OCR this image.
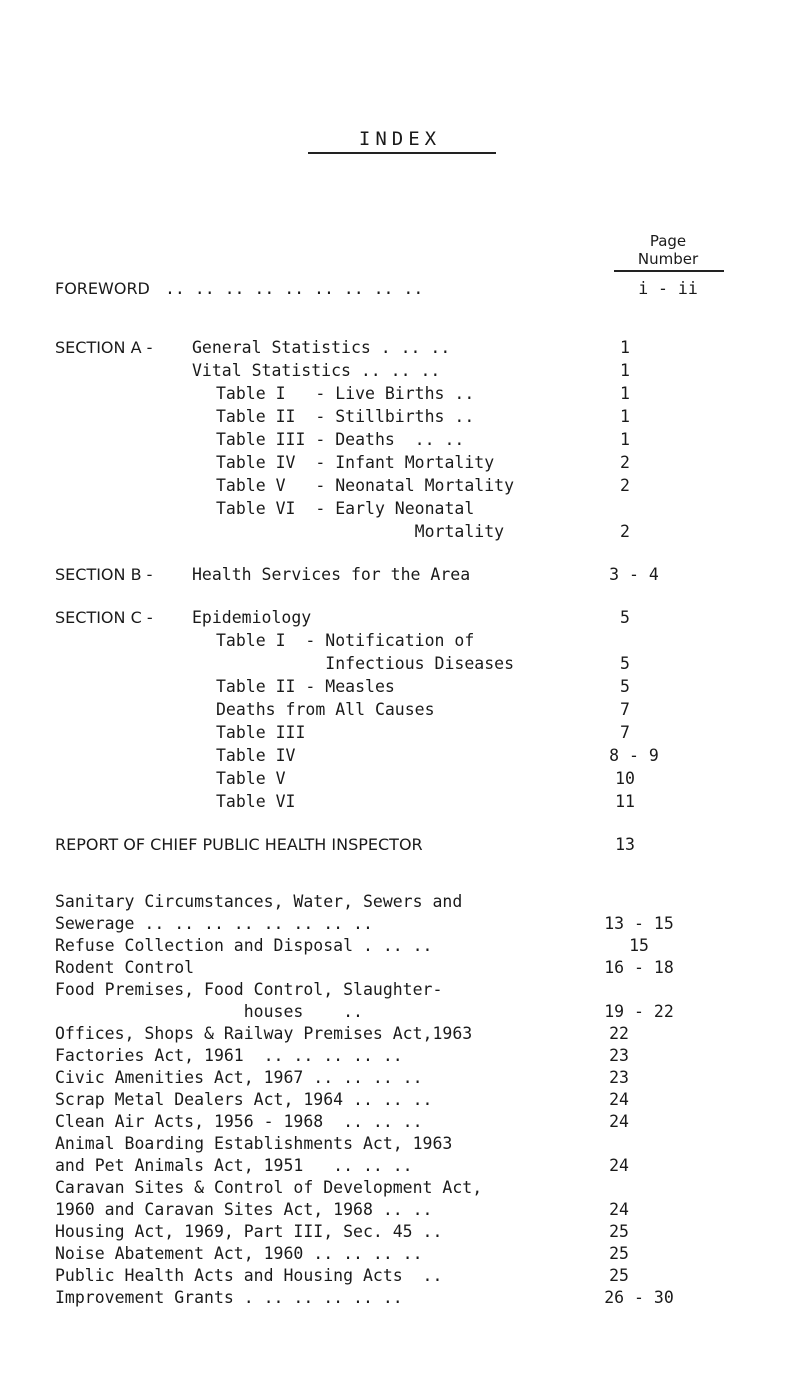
INDEX
Page
Number
FOREWORD .. .. .. .. .. .. .. .. ..	i - ii
SECTION A - General Statistics . .. ..	1
Vital Statistics .. .. ..	1
Table I   - Live Births ..	1
Table II  - Stillbirths ..	1
Table III - Deaths  .. ..	1
Table IV  - Infant Mortality	2
Table V   - Neonatal Mortality	2
Table VI  - Early Neonatal
Mortality	2
SECTION B - Health Services for the Area	3 - 4
SECTION C - Epidemiology	5
Table I  - Notification of
Infectious Diseases	5
Table II - Measles	5
Deaths from All Causes	7
Table III	7
Table IV	8 - 9
Table V	10
Table VI	11
REPORT OF CHIEF PUBLIC HEALTH INSPECTOR	13
Sanitary Circumstances, Water, Sewers and
Sewerage .. .. .. .. .. .. .. ..	13 - 15
Refuse Collection and Disposal . .. ..	15
Rodent Control	16 - 18
Food Premises, Food Control, Slaughter-
houses    ..	19 - 22
Offices, Shops & Railway Premises Act,1963	22
Factories Act, 1961  .. .. .. .. ..	23
Civic Amenities Act, 1967 .. .. .. ..	23
Scrap Metal Dealers Act, 1964 .. .. ..	24
Clean Air Acts, 1956 - 1968  .. .. ..	24
Animal Boarding Establishments Act, 1963
and Pet Animals Act, 1951   .. .. ..	24
Caravan Sites & Control of Development Act,
1960 and Caravan Sites Act, 1968 .. ..	24
Housing Act, 1969, Part III, Sec. 45 ..	25
Noise Abatement Act, 1960 .. .. .. ..	25
Public Health Acts and Housing Acts  ..	25
Improvement Grants . .. .. .. .. ..	26 - 30
